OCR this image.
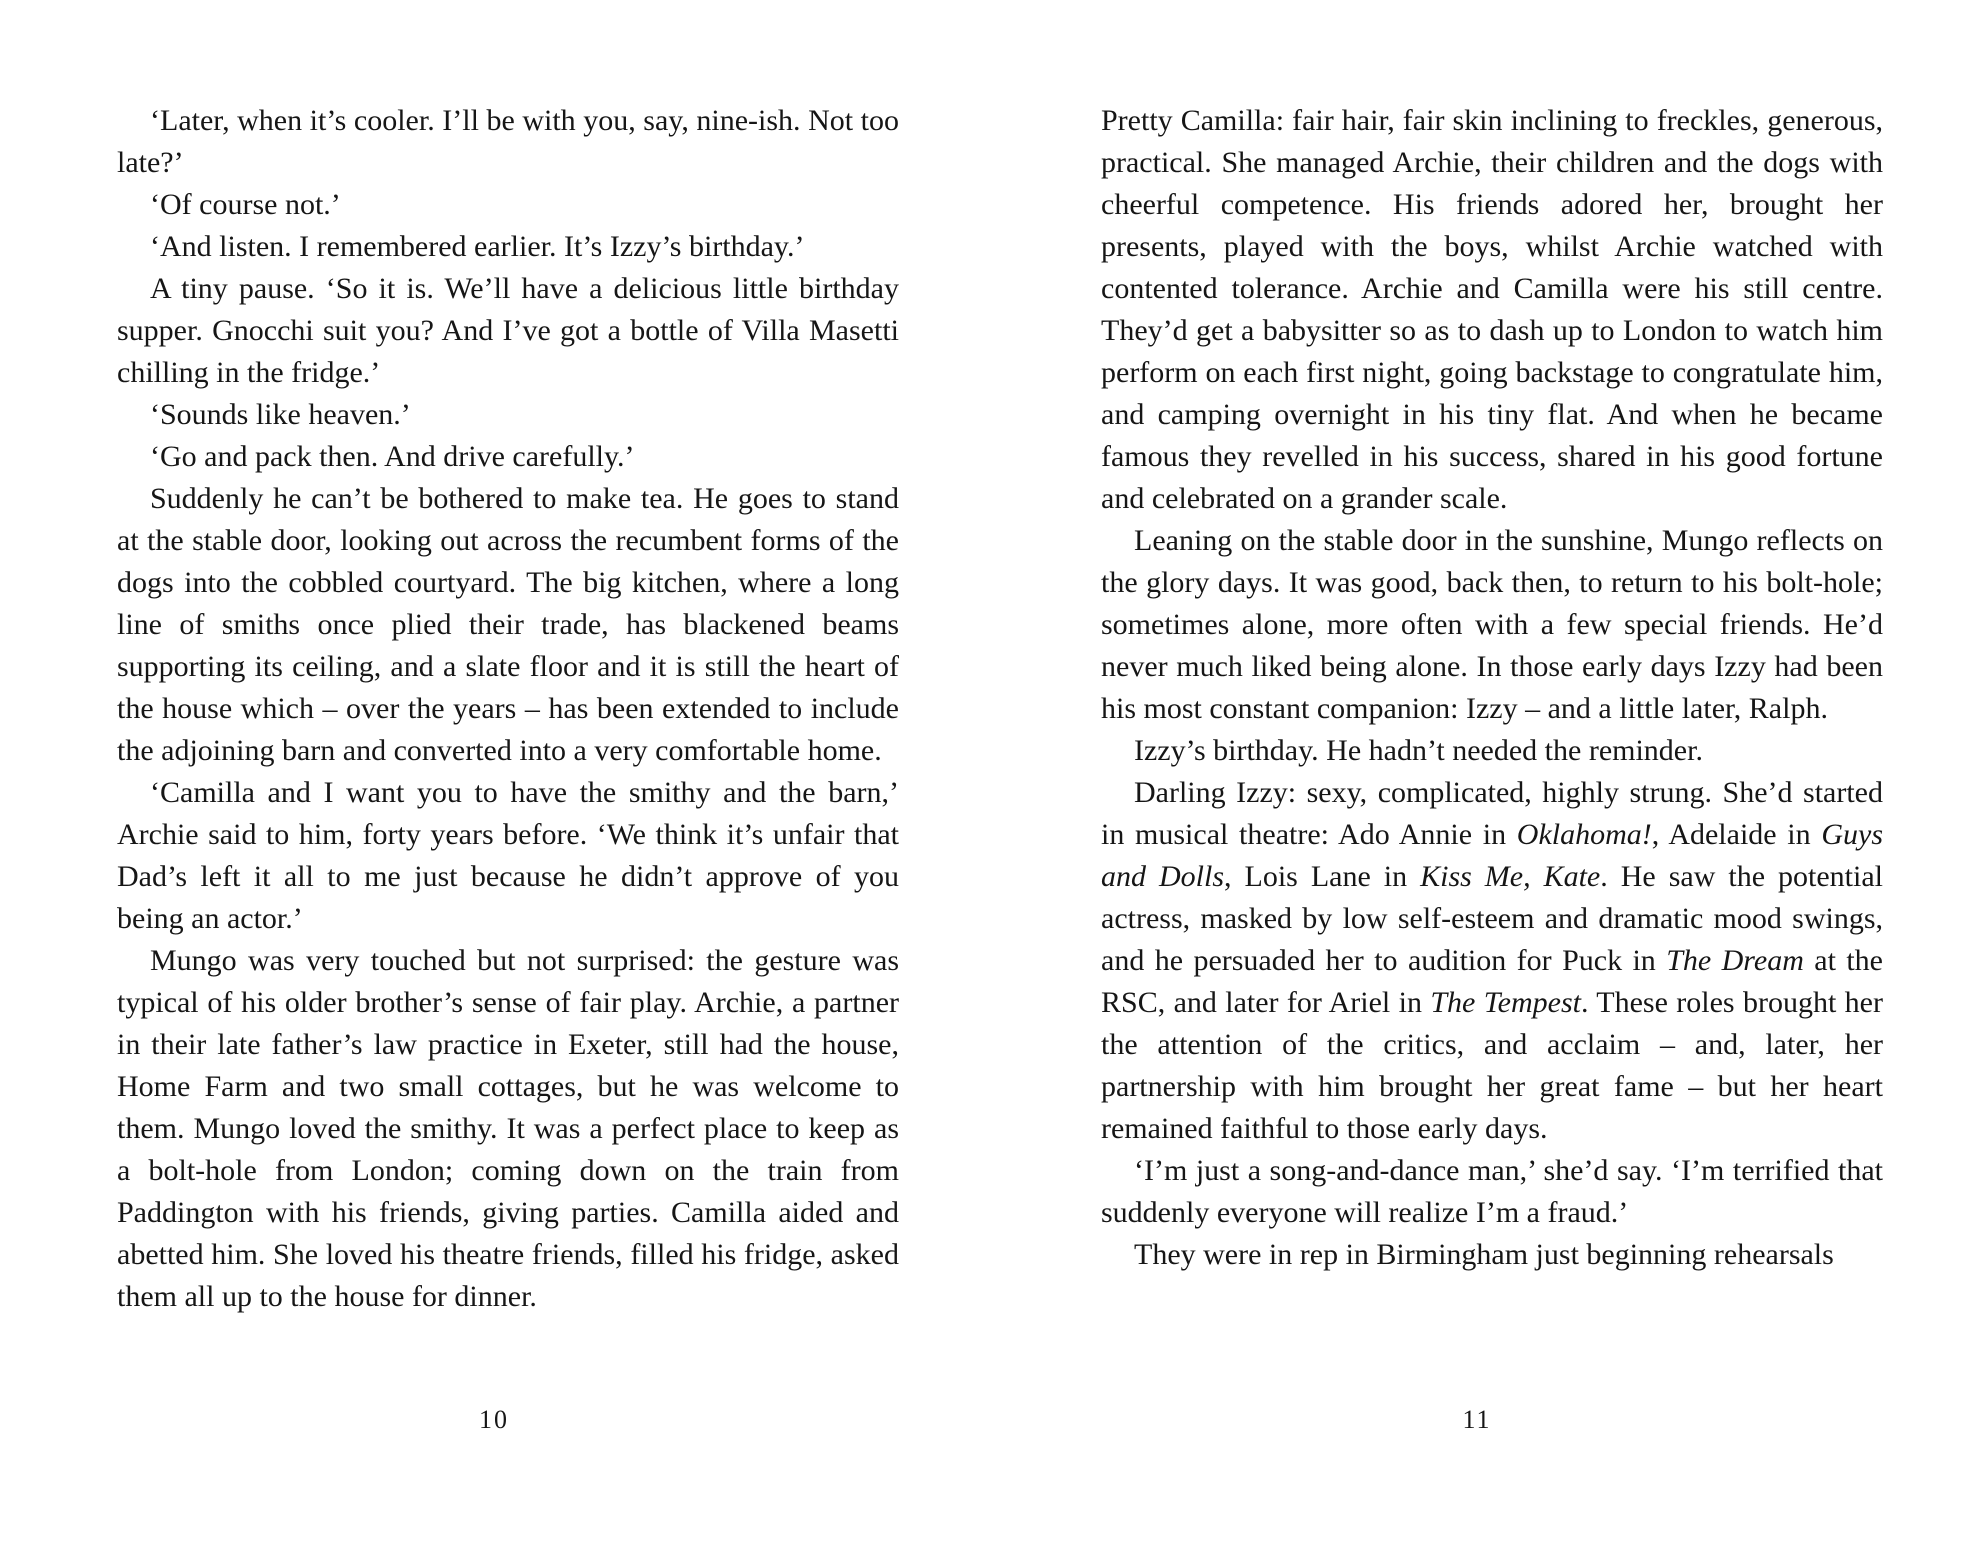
‘Later, when it’s cooler. I’ll be with you, say, nine-ish. Not too late?’

‘Of course not.’

‘And listen. I remembered earlier. It’s Izzy’s birthday.’

A tiny pause. ‘So it is. We’ll have a delicious little birthday supper. Gnocchi suit you? And I’ve got a bottle of Villa Masetti chilling in the fridge.’

‘Sounds like heaven.’

‘Go and pack then. And drive carefully.’

Suddenly he can’t be bothered to make tea. He goes to stand at the stable door, looking out across the recumbent forms of the dogs into the cobbled courtyard. The big kitchen, where a long line of smiths once plied their trade, has blackened beams supporting its ceiling, and a slate floor and it is still the heart of the house which – over the years – has been extended to include the adjoining barn and converted into a very comfortable home.

‘Camilla and I want you to have the smithy and the barn,’ Archie said to him, forty years before. ‘We think it’s unfair that Dad’s left it all to me just because he didn’t approve of you being an actor.’

Mungo was very touched but not surprised: the gesture was typical of his older brother’s sense of fair play. Archie, a partner in their late father’s law practice in Exeter, still had the house, Home Farm and two small cottages, but he was welcome to them. Mungo loved the smithy. It was a perfect place to keep as a bolt-hole from London; coming down on the train from Paddington with his friends, giving parties. Camilla aided and abetted him. She loved his theatre friends, filled his fridge, asked them all up to the house for dinner.

10

Pretty Camilla: fair hair, fair skin inclining to freckles, generous, practical. She managed Archie, their children and the dogs with cheerful competence. His friends adored her, brought her presents, played with the boys, whilst Archie watched with contented tolerance. Archie and Camilla were his still centre. They’d get a babysitter so as to dash up to London to watch him perform on each first night, going backstage to congratulate him, and camping overnight in his tiny flat. And when he became famous they revelled in his success, shared in his good fortune and celebrated on a grander scale.

Leaning on the stable door in the sunshine, Mungo reflects on the glory days. It was good, back then, to return to his bolt-hole; sometimes alone, more often with a few special friends. He’d never much liked being alone. In those early days Izzy had been his most constant companion: Izzy – and a little later, Ralph.

Izzy’s birthday. He hadn’t needed the reminder.

Darling Izzy: sexy, complicated, highly strung. She’d started in musical theatre: Ado Annie in Oklahoma!, Adelaide in Guys and Dolls, Lois Lane in Kiss Me, Kate. He saw the potential actress, masked by low self-esteem and dramatic mood swings, and he persuaded her to audition for Puck in The Dream at the RSC, and later for Ariel in The Tempest. These roles brought her the attention of the critics, and acclaim – and, later, her partnership with him brought her great fame – but her heart remained faithful to those early days.

‘I’m just a song-and-dance man,’ she’d say. ‘I’m terrified that suddenly everyone will realize I’m a fraud.’

They were in rep in Birmingham just beginning rehearsals

11
